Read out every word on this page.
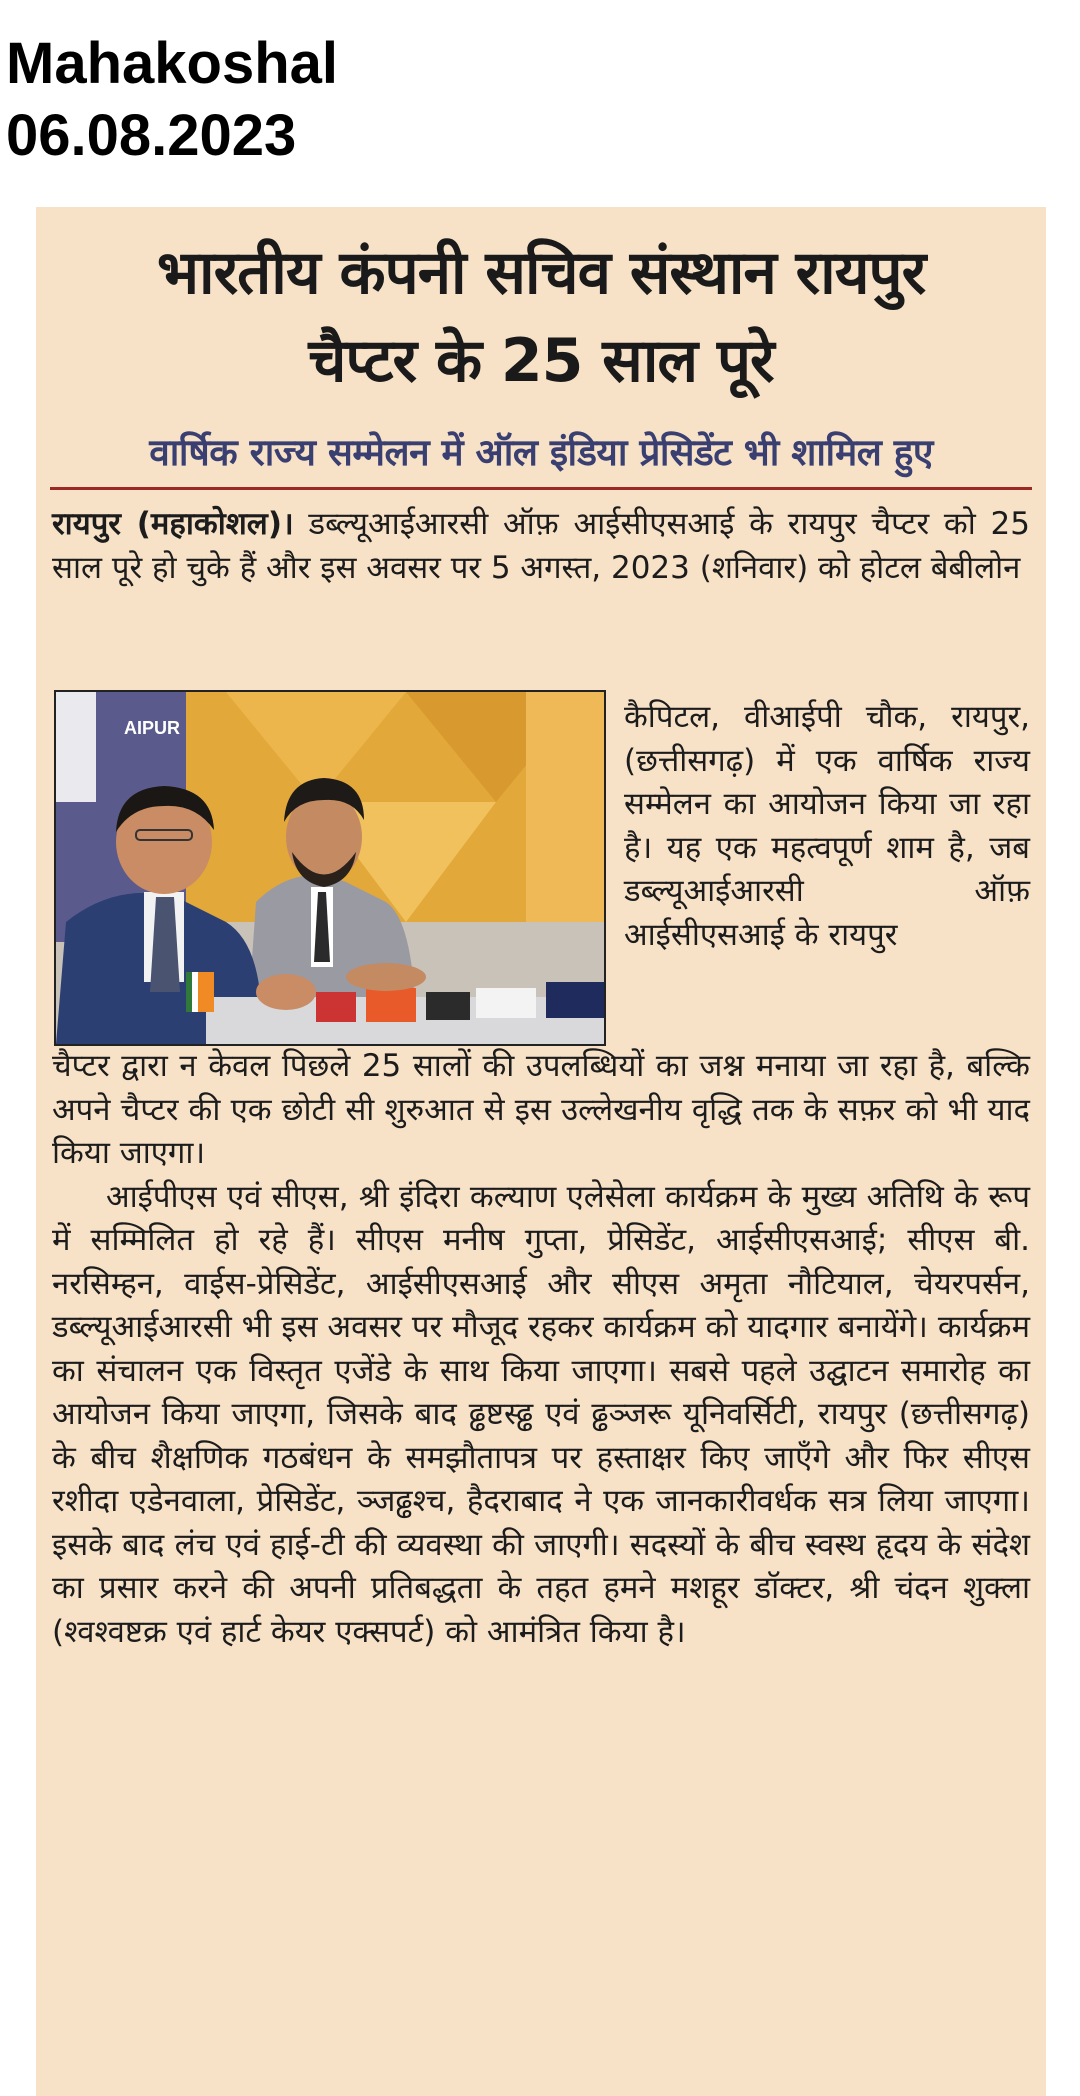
Mahakoshal
06.08.2023
भारतीय कंपनी सचिव संस्थान रायपुर
चैप्टर के 25 साल पूरे
वार्षिक राज्य सम्मेलन में ऑल इंडिया प्रेसिडेंट भी शामिल हुए

रायपुर (महाकोशल)। डब्ल्यूआईआरसी ऑफ़ आईसीएसआई के रायपुर चैप्टर को 25 साल पूरे हो चुके हैं और इस अवसर पर 5 अगस्त, 2023 (शनिवार) को होटल बेबीलोन

AIPUR	कैपिटल, वीआईपी चौक, रायपुर, (छत्तीसगढ़) में एक वार्षिक राज्य सम्मेलन का आयोजन किया जा रहा है। यह एक महत्वपूर्ण शाम है, जब डब्ल्यूआईआरसी ऑफ़ आईसीएसआई के रायपुर

चैप्टर द्वारा न केवल पिछले 25 सालों की उपलब्धियों का जश्न मनाया जा रहा है, बल्कि अपने चैप्टर की एक छोटी सी शुरुआत से इस उल्लेखनीय वृद्धि तक के सफ़र को भी याद किया जाएगा।

आईपीएस एवं सीएस, श्री इंदिरा कल्याण एलेसेला कार्यक्रम के मुख्य अतिथि के रूप में सम्मिलित हो रहे हैं। सीएस मनीष गुप्ता, प्रेसिडेंट, आईसीएसआई; सीएस बी. नरसिम्हन, वाईस-प्रेसिडेंट, आईसीएसआई और सीएस अमृता नौटियाल, चेयरपर्सन, डब्ल्यूआईआरसी भी इस अवसर पर मौजूद रहकर कार्यक्रम को यादगार बनायेंगे। कार्यक्रम का संचालन एक विस्तृत एजेंडे के साथ किया जाएगा। सबसे पहले उद्घाटन समारोह का आयोजन किया जाएगा, जिसके बाद ढ्ढष्टस्ढ्ढ एवं ढ्ढञ्जरू यूनिवर्सिटी, रायपुर (छत्तीसगढ़) के बीच शैक्षणिक गठबंधन के समझौतापत्र पर हस्ताक्षर किए जाएँगे और फिर सीएस रशीदा एडेनवाला, प्रेसिडेंट, ञ्जढ्ढश्च, हैदराबाद ने एक जानकारीवर्धक सत्र लिया जाएगा। इसके बाद लंच एवं हाई-टी की व्यवस्था की जाएगी। सदस्यों के बीच स्वस्थ हृदय के संदेश का प्रसार करने की अपनी प्रतिबद्धता के तहत हमने मशहूर डॉक्टर, श्री चंदन शुक्ला (श्वश्वष्टक्र एवं हार्ट केयर एक्सपर्ट) को आमंत्रित किया है।
